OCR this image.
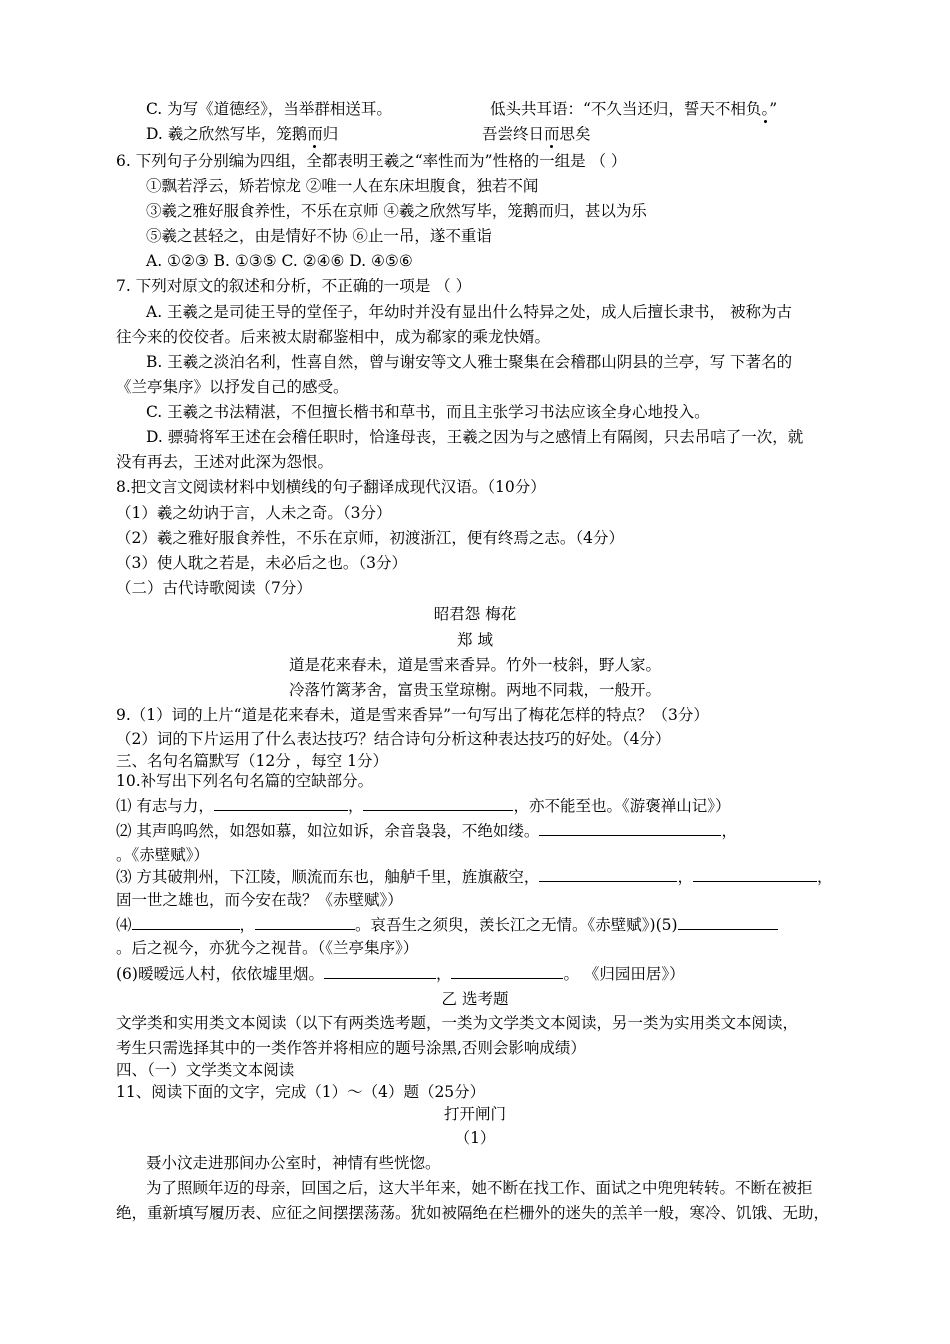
C. 为写《道德经》，当举群相送耳。	低头共耳语：“不久当还归，誓天不相负。”
D. 羲之欣然写毕，笼鹅而归	吾尝终日而思矣
6. 下列句子分别编为四组，全都表明王羲之“率性而为”性格的一组是 （ ）
①飘若浮云，矫若惊龙 ②唯一人在东床坦腹食，独若不闻
③羲之雅好服食养性，不乐在京师 ④羲之欣然写毕，笼鹅而归，甚以为乐
⑤羲之甚轻之，由是情好不协 ⑥止一吊，遂不重诣
A. ①②③ B. ①③⑤ C. ②④⑥ D. ④⑤⑥
7. 下列对原文的叙述和分析，不正确的一项是 （ ）
A. 王羲之是司徒王导的堂侄子，年幼时并没有显出什么特异之处，成人后擅长隶书， 被称为古
往今来的佼佼者。后来被太尉郗鉴相中，成为郗家的乘龙快婿。
B. 王羲之淡泊名利，性喜自然，曾与谢安等文人雅士聚集在会稽郡山阴县的兰亭，写 下著名的
《兰亭集序》以抒发自己的感受。
C. 王羲之书法精湛，不但擅长楷书和草书，而且主张学习书法应该全身心地投入。
D. 骠骑将军王述在会稽任职时，恰逢母丧，王羲之因为与之感情上有隔阂，只去吊唁了一次，就
没有再去，王述对此深为怨恨。
8.把文言文阅读材料中划横线的句子翻译成现代汉语。（10分）
（1）羲之幼讷于言，人未之奇。（3分）
（2）羲之雅好服食养性，不乐在京师，初渡浙江，便有终焉之志。（4分）
（3）使人耽之若是，未必后之也。（3分）
（二）古代诗歌阅读（7分）
昭君怨 梅花
郑 域
道是花来春未，道是雪来香异。竹外一枝斜，野人家。
冷落竹篱茅舍，富贵玉堂琼榭。两地不同栽，一般开。
9.（1）词的上片“道是花来春未，道是雪来香异”一句写出了梅花怎样的特点？（3分）
（2）词的下片运用了什么表达技巧？结合诗句分析这种表达技巧的好处。（4分）
三、名句名篇默写（12分 ，每空 1分）
10.补写出下列名句名篇的空缺部分。
⑴ 有志与力，	，	，亦不能至也。《游褒禅山记》）
⑵ 其声呜呜然，如怨如慕，如泣如诉，余音袅袅，不绝如缕。	，
。《赤壁赋》）
⑶ 方其破荆州，下江陵，顺流而东也，舳舻千里，旌旗蔽空，	，	，
固一世之雄也，而今安在哉？《赤壁赋》）
⑷	，	。哀吾生之须臾，羡长江之无情。《赤壁赋》)(5)
。后之视今，亦犹今之视昔。（《兰亭集序》）
(6)暧暧远人村，依依墟里烟。	，	。 《归园田居》）
乙 选考题
文学类和实用类文本阅读（以下有两类选考题，一类为文学类文本阅读，另一类为实用类文本阅读，
考生只需选择其中的一类作答并将相应的题号涂黑,否则会影响成绩）
四、（一）文学类文本阅读
11、阅读下面的文字，完成（1）～（4）题（25分）
打开闸门
（1）
聂小汶走进那间办公室时，神情有些恍惚。
为了照顾年迈的母亲，回国之后，这大半年来，她不断在找工作、面试之中兜兜转转。不断在被拒
绝，重新填写履历表、应征之间摆摆荡荡。犹如被隔绝在栏栅外的迷失的羔羊一般，寒冷、饥饿、无助，
